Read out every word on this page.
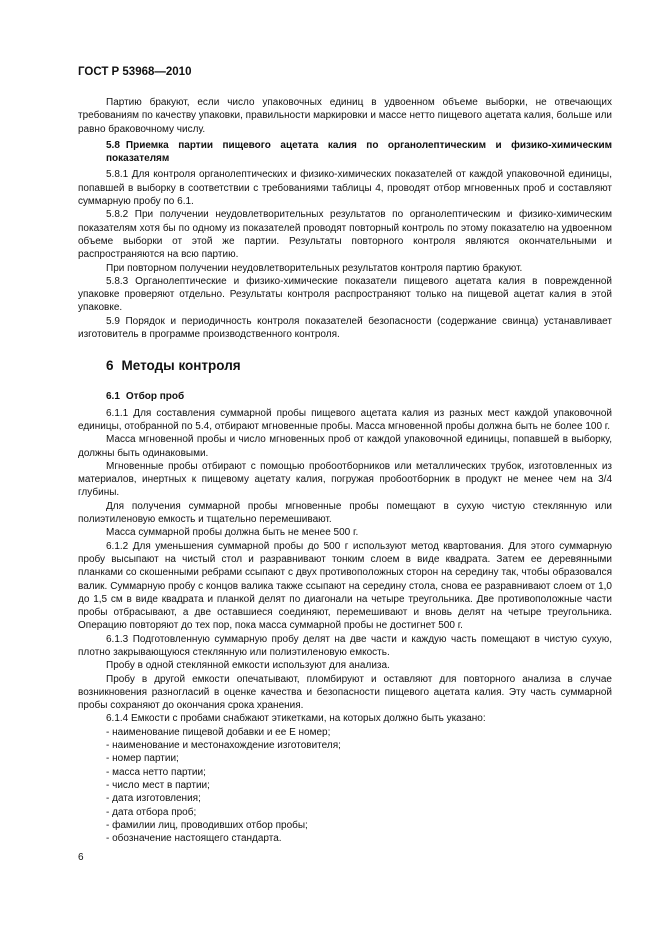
ГОСТ Р 53968—2010

Партию бракуют, если число упаковочных единиц в удвоенном объеме выборки, не отвечающих требованиям по качеству упаковки, правильности маркировки и массе нетто пищевого ацетата калия, больше или равно браковочному числу.

5.8 Приемка партии пищевого ацетата калия по органолептическим и физико-химическим показателям

5.8.1 Для контроля органолептических и физико-химических показателей от каждой упаковочной единицы, попавшей в выборку в соответствии с требованиями таблицы 4, проводят отбор мгновенных проб и составляют суммарную пробу по 6.1.

5.8.2 При получении неудовлетворительных результатов по органолептическим и физико-химическим показателям хотя бы по одному из показателей проводят повторный контроль по этому показателю на удвоенном объеме выборки от этой же партии. Результаты повторного контроля являются окончательными и распространяются на всю партию.

При повторном получении неудовлетворительных результатов контроля партию бракуют.

5.8.3 Органолептические и физико-химические показатели пищевого ацетата калия в поврежденной упаковке проверяют отдельно. Результаты контроля распространяют только на пищевой ацетат калия в этой упаковке.

5.9 Порядок и периодичность контроля показателей безопасности (содержание свинца) устанавливает изготовитель в программе производственного контроля.

6 Методы контроля

6.1 Отбор проб

6.1.1 Для составления суммарной пробы пищевого ацетата калия из разных мест каждой упаковочной единицы, отобранной по 5.4, отбирают мгновенные пробы. Масса мгновенной пробы должна быть не более 100 г.

Масса мгновенной пробы и число мгновенных проб от каждой упаковочной единицы, попавшей в выборку, должны быть одинаковыми.

Мгновенные пробы отбирают с помощью пробоотборников или металлических трубок, изготовленных из материалов, инертных к пищевому ацетату калия, погружая пробоотборник в продукт не менее чем на 3/4 глубины.

Для получения суммарной пробы мгновенные пробы помещают в сухую чистую стеклянную или полиэтиленовую емкость и тщательно перемешивают.

Масса суммарной пробы должна быть не менее 500 г.

6.1.2 Для уменьшения суммарной пробы до 500 г используют метод квартования. Для этого суммарную пробу высыпают на чистый стол и разравнивают тонким слоем в виде квадрата. Затем ее деревянными планками со скошенными ребрами ссыпают с двух противоположных сторон на середину так, чтобы образовался валик. Суммарную пробу с концов валика также ссыпают на середину стола, снова ее разравнивают слоем от 1,0 до 1,5 см в виде квадрата и планкой делят по диагонали на четыре треугольника. Две противоположные части пробы отбрасывают, а две оставшиеся соединяют, перемешивают и вновь делят на четыре треугольника. Операцию повторяют до тех пор, пока масса суммарной пробы не достигнет 500 г.

6.1.3 Подготовленную суммарную пробу делят на две части и каждую часть помещают в чистую сухую, плотно закрывающуюся стеклянную или полиэтиленовую емкость.

Пробу в одной стеклянной емкости используют для анализа.

Пробу в другой емкости опечатывают, пломбируют и оставляют для повторного анализа в случае возникновения разногласий в оценке качества и безопасности пищевого ацетата калия. Эту часть суммарной пробы сохраняют до окончания срока хранения.

6.1.4 Емкости с пробами снабжают этикетками, на которых должно быть указано:

- наименование пищевой добавки и ее Е номер;

- наименование и местонахождение изготовителя;

- номер партии;

- масса нетто партии;

- число мест в партии;

- дата изготовления;

- дата отбора проб;

- фамилии лиц, проводивших отбор пробы;

- обозначение настоящего стандарта.

6
